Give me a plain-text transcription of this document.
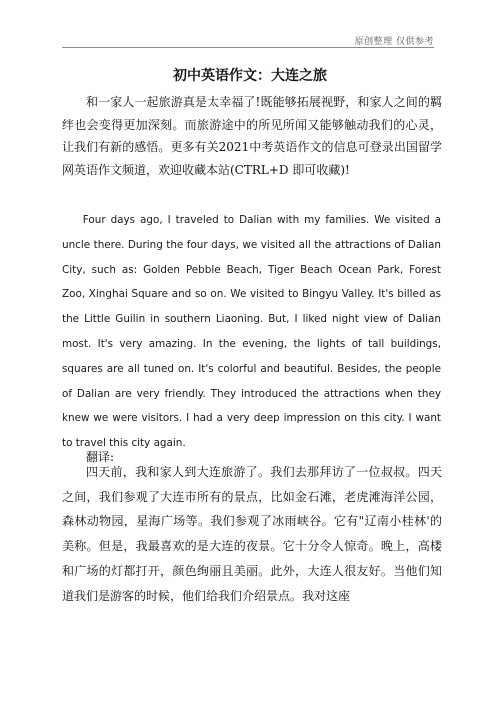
原创整理 仅供参考
初中英语作文：大连之旅

和一家人一起旅游真是太幸福了!既能够拓展视野，和家人之间的羁绊也会变得更加深刻。而旅游途中的所见所闻又能够触动我们的心灵，让我们有新的感悟。更多有关2021中考英语作文的信息可登录出国留学网英语作文频道，欢迎收藏本站(CTRL+D 即可收藏)!

Four days ago, I traveled to Dalian with my families. We visited a uncle there. During the four days, we visited all the attractions of Dalian City, such as: Golden Pebble Beach, Tiger Beach Ocean Park, Forest Zoo, Xinghai Square and so on. We visited to Bingyu Valley. It's billed as the Little Guilin in southern Liaoning. But, I liked night view of Dalian most. It's very amazing. In the evening, the lights of tall buildings, squares are all tuned on. It's colorful and beautiful. Besides, the people of Dalian are very friendly. They introduced the attractions when they knew we were visitors. I had a very deep impression on this city. I want to travel this city again.

翻译:

四天前，我和家人到大连旅游了。我们去那拜访了一位叔叔。四天之间，我们参观了大连市所有的景点，比如金石滩，老虎滩海洋公园，森林动物园，星海广场等。我们参观了冰雨峡谷。它有"辽南小桂林'的美称。但是，我最喜欢的是大连的夜景。它十分令人惊奇。晚上，高楼和广场的灯都打开，颜色绚丽且美丽。此外，大连人很友好。当他们知道我们是游客的时候，他们给我们介绍景点。我对这座
